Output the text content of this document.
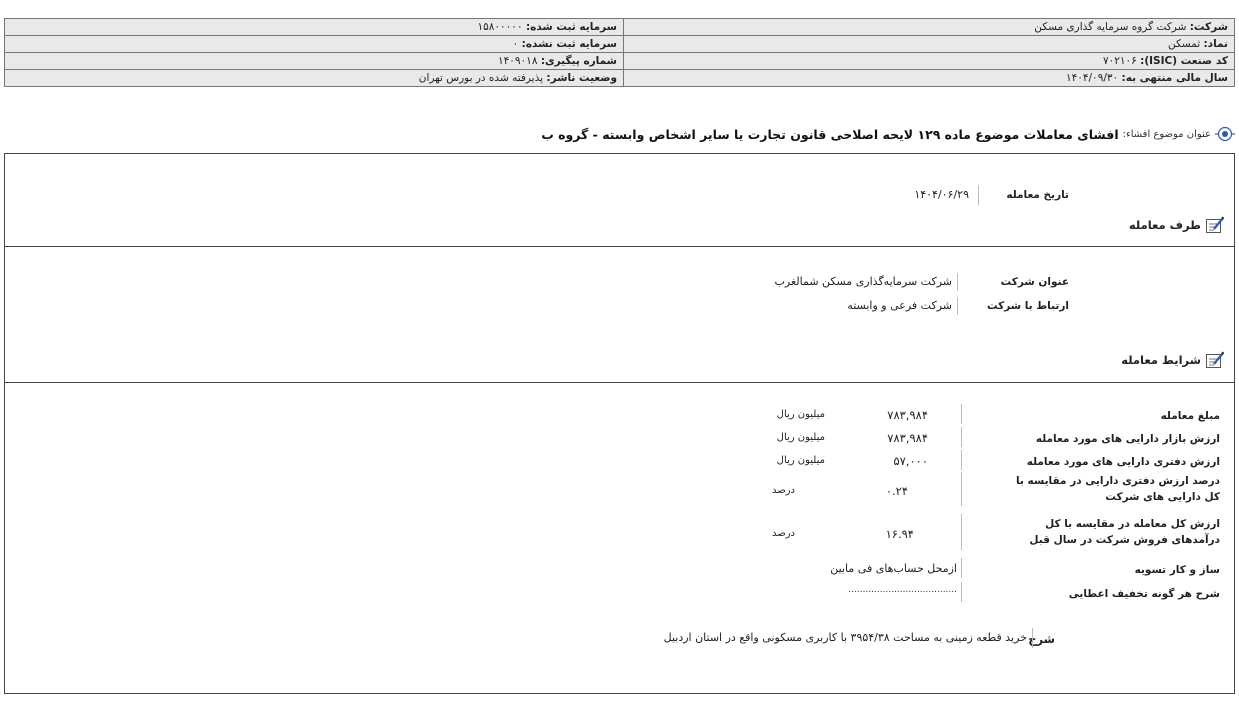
شرکت: شرکت گروه سرمایه گذاری مسکن	سرمایه ثبت شده: ۱۵۸۰۰۰۰۰
نماد: ثمسکن	سرمایه ثبت نشده: ۰
کد صنعت (ISIC): ۷۰۲۱۰۶	شماره پیگیری: ۱۴۰۹۰۱۸
سال مالی منتهی به: ۱۴۰۴/۰۹/۳۰	وضعیت ناشر: پذیرفته شده در بورس تهران
عنوان موضوع افشاء:
افشای معاملات موضوع ماده ۱۲۹ لایحه اصلاحی قانون تجارت یا سایر اشخاص وابسته - گروه ب
تاریخ معامله
۱۴۰۴/۰۶/۲۹
طرف معامله
عنوان شرکت
شرکت سرمایه‌گذاری مسکن شمالغرب
ارتباط با شرکت
شرکت فرعی و وابسته
شرایط معامله
مبلغ معامله
۷۸۳,۹۸۴
میلیون ریال
ارزش بازار دارایی های مورد معامله
۷۸۳,۹۸۴
میلیون ریال
ارزش دفتری دارایی های مورد معامله
۵۷,۰۰۰
میلیون ریال
درصد ارزش دفتری دارایی در مقایسه با کل دارایی های شرکت
۰.۲۴
درصد
ارزش کل معامله در مقایسه با کل درآمدهای فروش شرکت در سال قبل
۱۶.۹۴
درصد
ساز و کار تسویه
ازمحل حساب‌های فی مابین
شرح هر گونه تخفیف اعطایی
......................................
شرح
خرید قطعه زمینی به مساحت ۳۹۵۴/۳۸ با کاربری مسکونی واقع در استان اردبیل
